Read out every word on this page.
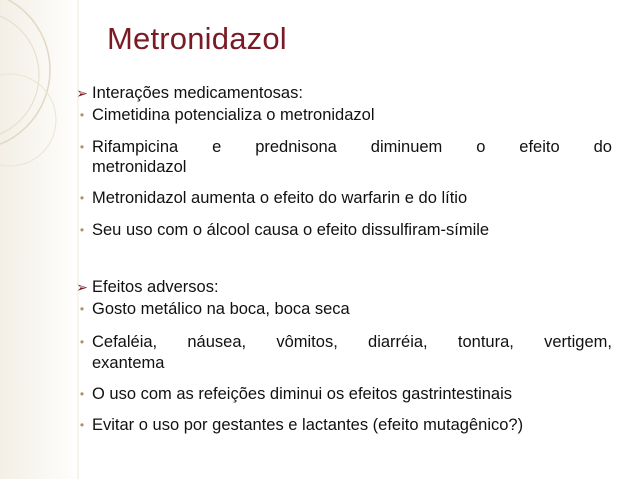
Metronidazol
➢ Interações medicamentosas:
• Cimetidina potencializa o metronidazol
• Rifampicina e prednisona diminuem o efeito do
metronidazol
• Metronidazol aumenta o efeito do warfarin e do lítio
• Seu uso com o álcool causa o efeito dissulfiram-símile
➢ Efeitos adversos:
• Gosto metálico na boca, boca seca
• Cefaléia, náusea, vômitos, diarréia, tontura, vertigem,
exantema
• O uso com as refeições diminui os efeitos gastrintestinais
• Evitar o uso por gestantes e lactantes (efeito mutagênico?)
